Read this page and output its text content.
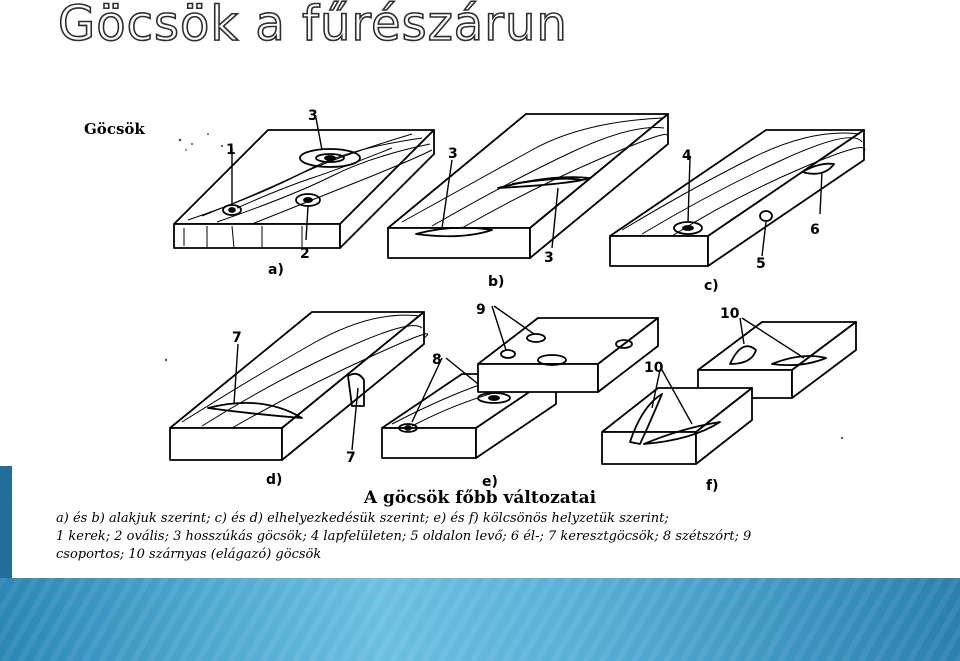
Göcsök a fűrészárun
Göcsök
a)
b)	c)
d)	e)	f)
1
3
2
3
3
4
6
5
7
7
8
9	10
10
A göcsök főbb változatai
a) és b) alakjuk szerint; c) és d) elhelyezkedésük szerint; e) és f) kölcsönös helyzetük szerint;
1 kerek; 2 ovális; 3 hosszúkás göcsök; 4 lapfelületen; 5 oldalon levő; 6 él-; 7 keresztgöcsök; 8 szétszórt; 9
csoportos; 10 szárnyas (elágazó) göcsök
